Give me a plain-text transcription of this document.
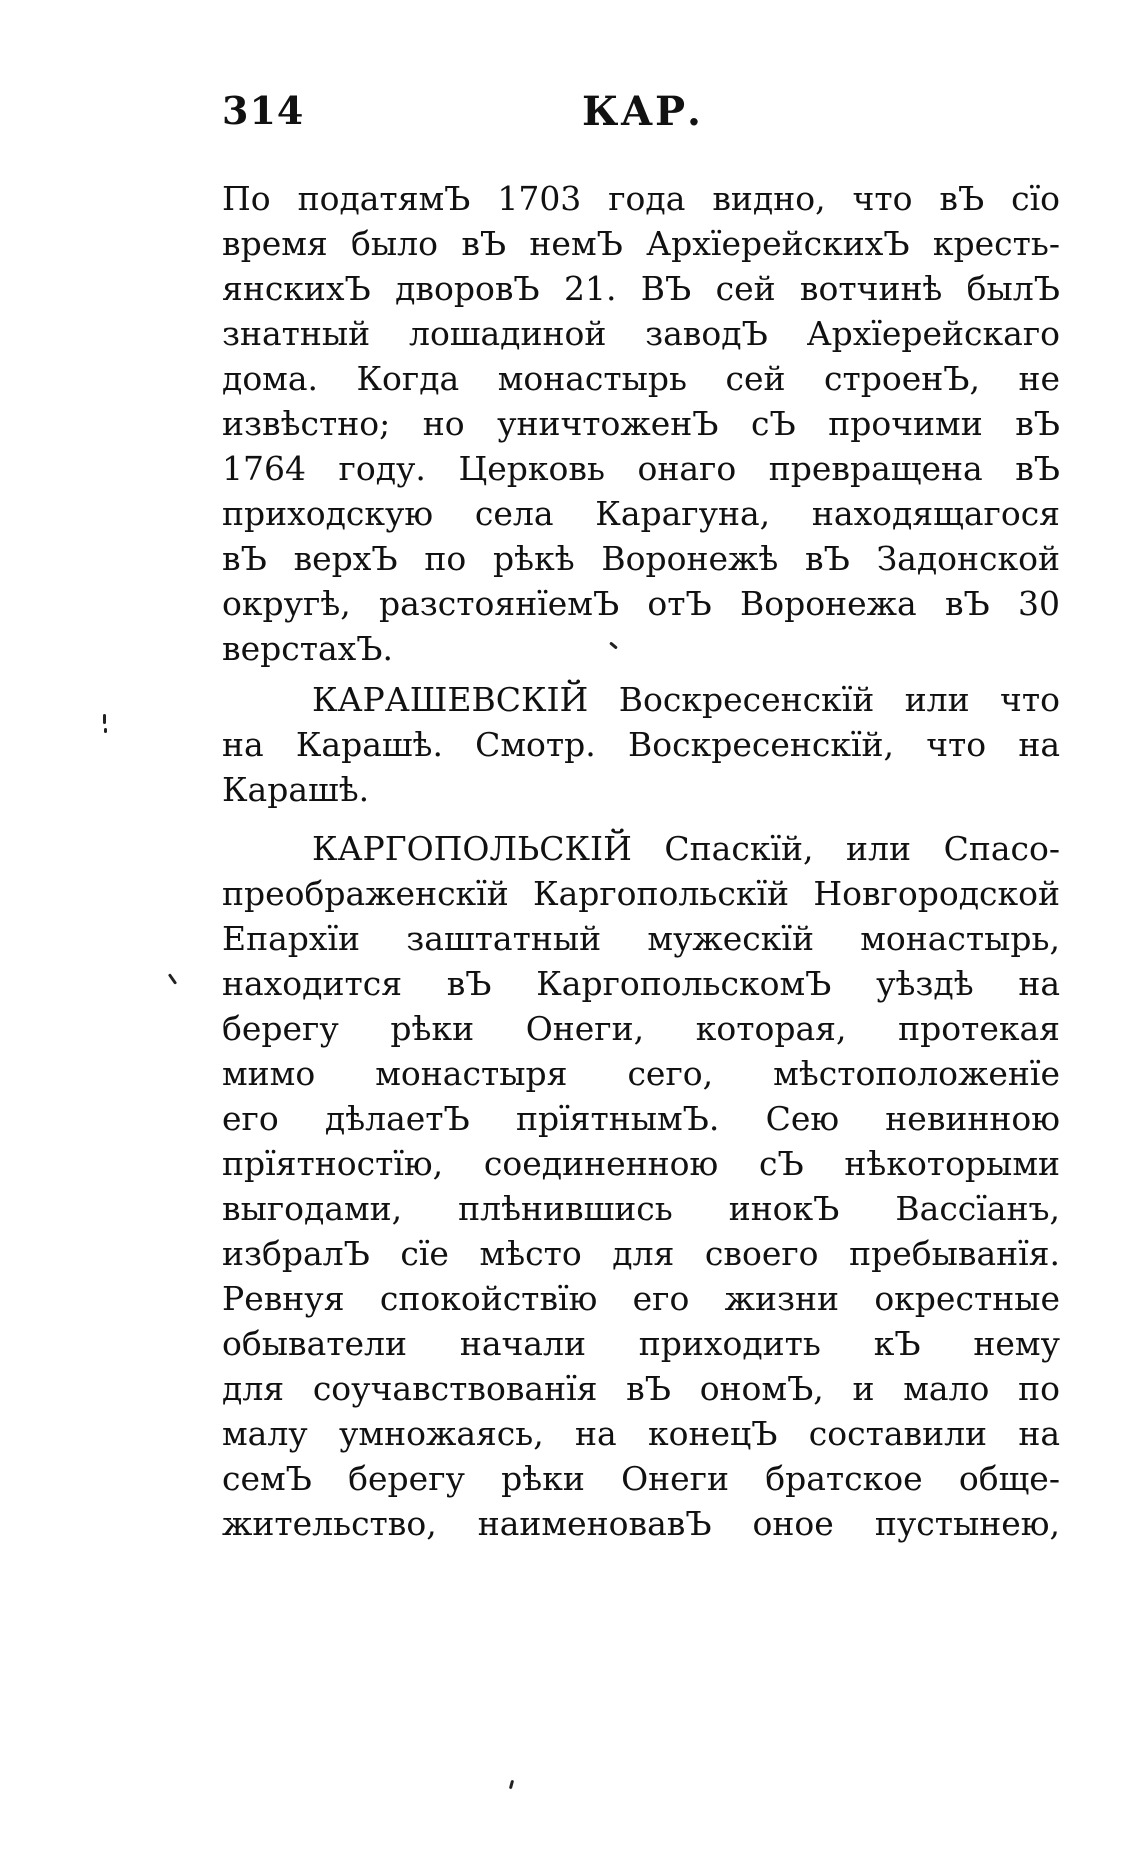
314	КАР.
По податямЪ 1703 года видно, что вЪ сїо
время было вЪ немЪ АрхїерейскихЪ кресть-
янскихЪ дворовЪ 21. ВЪ сей вотчинѣ былЪ
знатный лошадиной заводЪ Архїерейскаго
дома. Когда монастырь сей строенЪ, не
извѣстно; но уничтоженЪ сЪ прочими вЪ
1764 году. Церковь онаго превращена вЪ
приходскую села Карагуна, находящагося
вЪ верхЪ по рѣкѣ Воронежѣ вЪ Задонской
округѣ, разстоянїемЪ отЪ Воронежа вЪ 30
верстахЪ.
КАРАШЕВСКІЙ Воскресенскїй или что
на Карашѣ. Смотр. Воскресенскїй, что на
Карашѣ.
КАРГОПОЛЬСКІЙ Спаскїй, или Спасо-
преображенскїй Каргопольскїй Новгородской
Епархїи заштатный мужескїй монастырь,
находится вЪ КаргопольскомЪ уѣздѣ на
берегу рѣки Онеги, которая, протекая
мимо монастыря сего, мѣстоположенїе
его дѣлаетЪ прїятнымЪ. Сею невинною
прїятностїю, соединенною сЪ нѣкоторыми
выгодами, плѣнившись инокЪ Вассїанъ,
избралЪ сїе мѣсто для своего пребыванїя.
Ревнуя спокойствїю его жизни окрестные
обыватели начали приходить кЪ нему
для соучавствованїя вЪ ономЪ, и мало по
малу умножаясь, на конецЪ составили на
семЪ берегу рѣки Онеги братское обще-
жительство, наименовавЪ оное пустынею,
